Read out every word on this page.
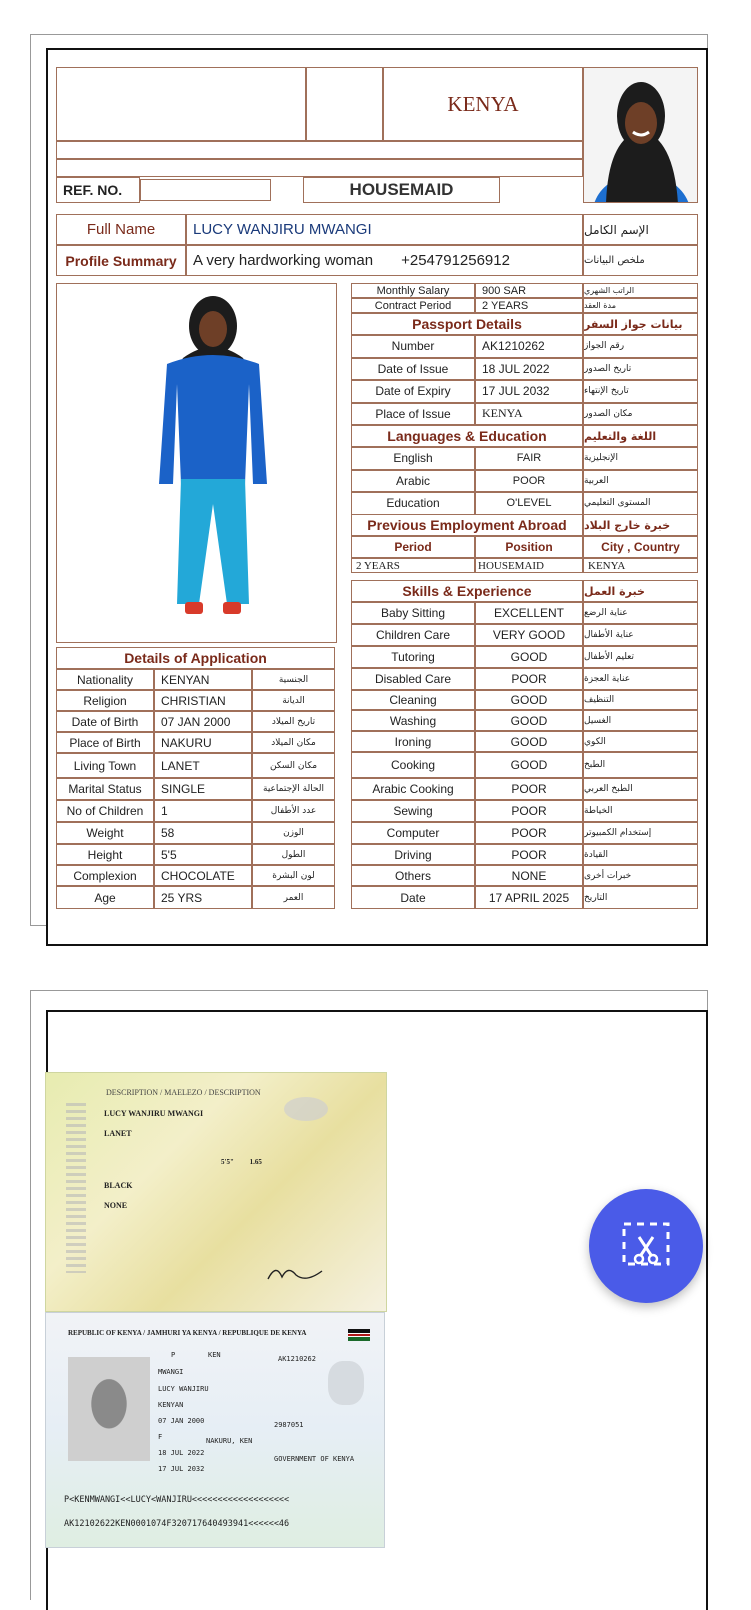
KENYA
REF. NO.	HOUSEMAID
Full Name	LUCY WANJIRU MWANGI	الإسم الكامل
Profile Summary	A very hardworking woman +254791256912	ملخص البيانات
DESCRIPTION / MAELEZO / DESCRIPTION
LUCY WANJIRU MWANGI
LANET
5'5" 1.65
BLACK
NONE
REPUBLIC OF KENYA / JAMHURI YA KENYA / REPUBLIQUE DE KENYA
P	KEN	AK1210262
MWANGI
LUCY WANJIRU
KENYAN
07 JAN 2000	2987051
F	NAKURU, KEN
18 JUL 2022
GOVERNMENT OF KENYA
17 JUL 2032
P<KENMWANGI<<LUCY<WANJIRU<<<<<<<<<<<<<<<<<<<
AK12102622KEN0001074F320717640493941<<<<<<46
Monthly Salary	900 SAR	الراتب الشهري
Contract Period	2 YEARS	مدة العقد
Passport Details	بيانات جواز السفر
Number	AK1210262	رقم الجواز
Date of Issue	18 JUL 2022	تاريخ الصدور
Date of Expiry	17 JUL 2032	تاريخ الإنتهاء
Place of Issue	KENYA	مكان الصدور
Languages & Education	اللغة والتعليم
English	FAIR	الإنجليزية
Arabic	POOR	العربية
Education	O'LEVEL	المستوى التعليمي
Previous Employment Abroad	خبرة خارج البلاد
Period	Position	City , Country
2 YEARS	HOUSEMAID	KENYA
Skills & Experience	خبرة العمل
Baby Sitting	EXCELLENT	عناية الرضع
Children Care	VERY GOOD	عناية الأطفال
Tutoring	GOOD	تعليم الأطفال
Disabled Care	POOR	عناية العجزة
Cleaning	GOOD	التنظيف
Washing	GOOD	الغسيل
Ironing	GOOD	الكوي
Cooking	GOOD	الطبخ
Arabic Cooking	POOR	الطبخ العربي
Sewing	POOR	الخياطة
Computer	POOR	إستخدام الكمبيوتر
Driving	POOR	القيادة
Others	NONE	خبرات أخرى
Date	17 APRIL 2025	التاريخ
Details of Application
Nationality	KENYAN	الجنسية
Religion	CHRISTIAN	الديانة
Date of Birth	07 JAN 2000	تاريخ الميلاد
Place of Birth	NAKURU	مكان الميلاد
Living Town	LANET	مكان السكن
Marital Status	SINGLE	الحالة الإجتماعية
No of Children	1	عدد الأطفال
Weight	58	الوزن
Height	5'5	الطول
Complexion	CHOCOLATE	لون البشرة
Age	25 YRS	العمر
